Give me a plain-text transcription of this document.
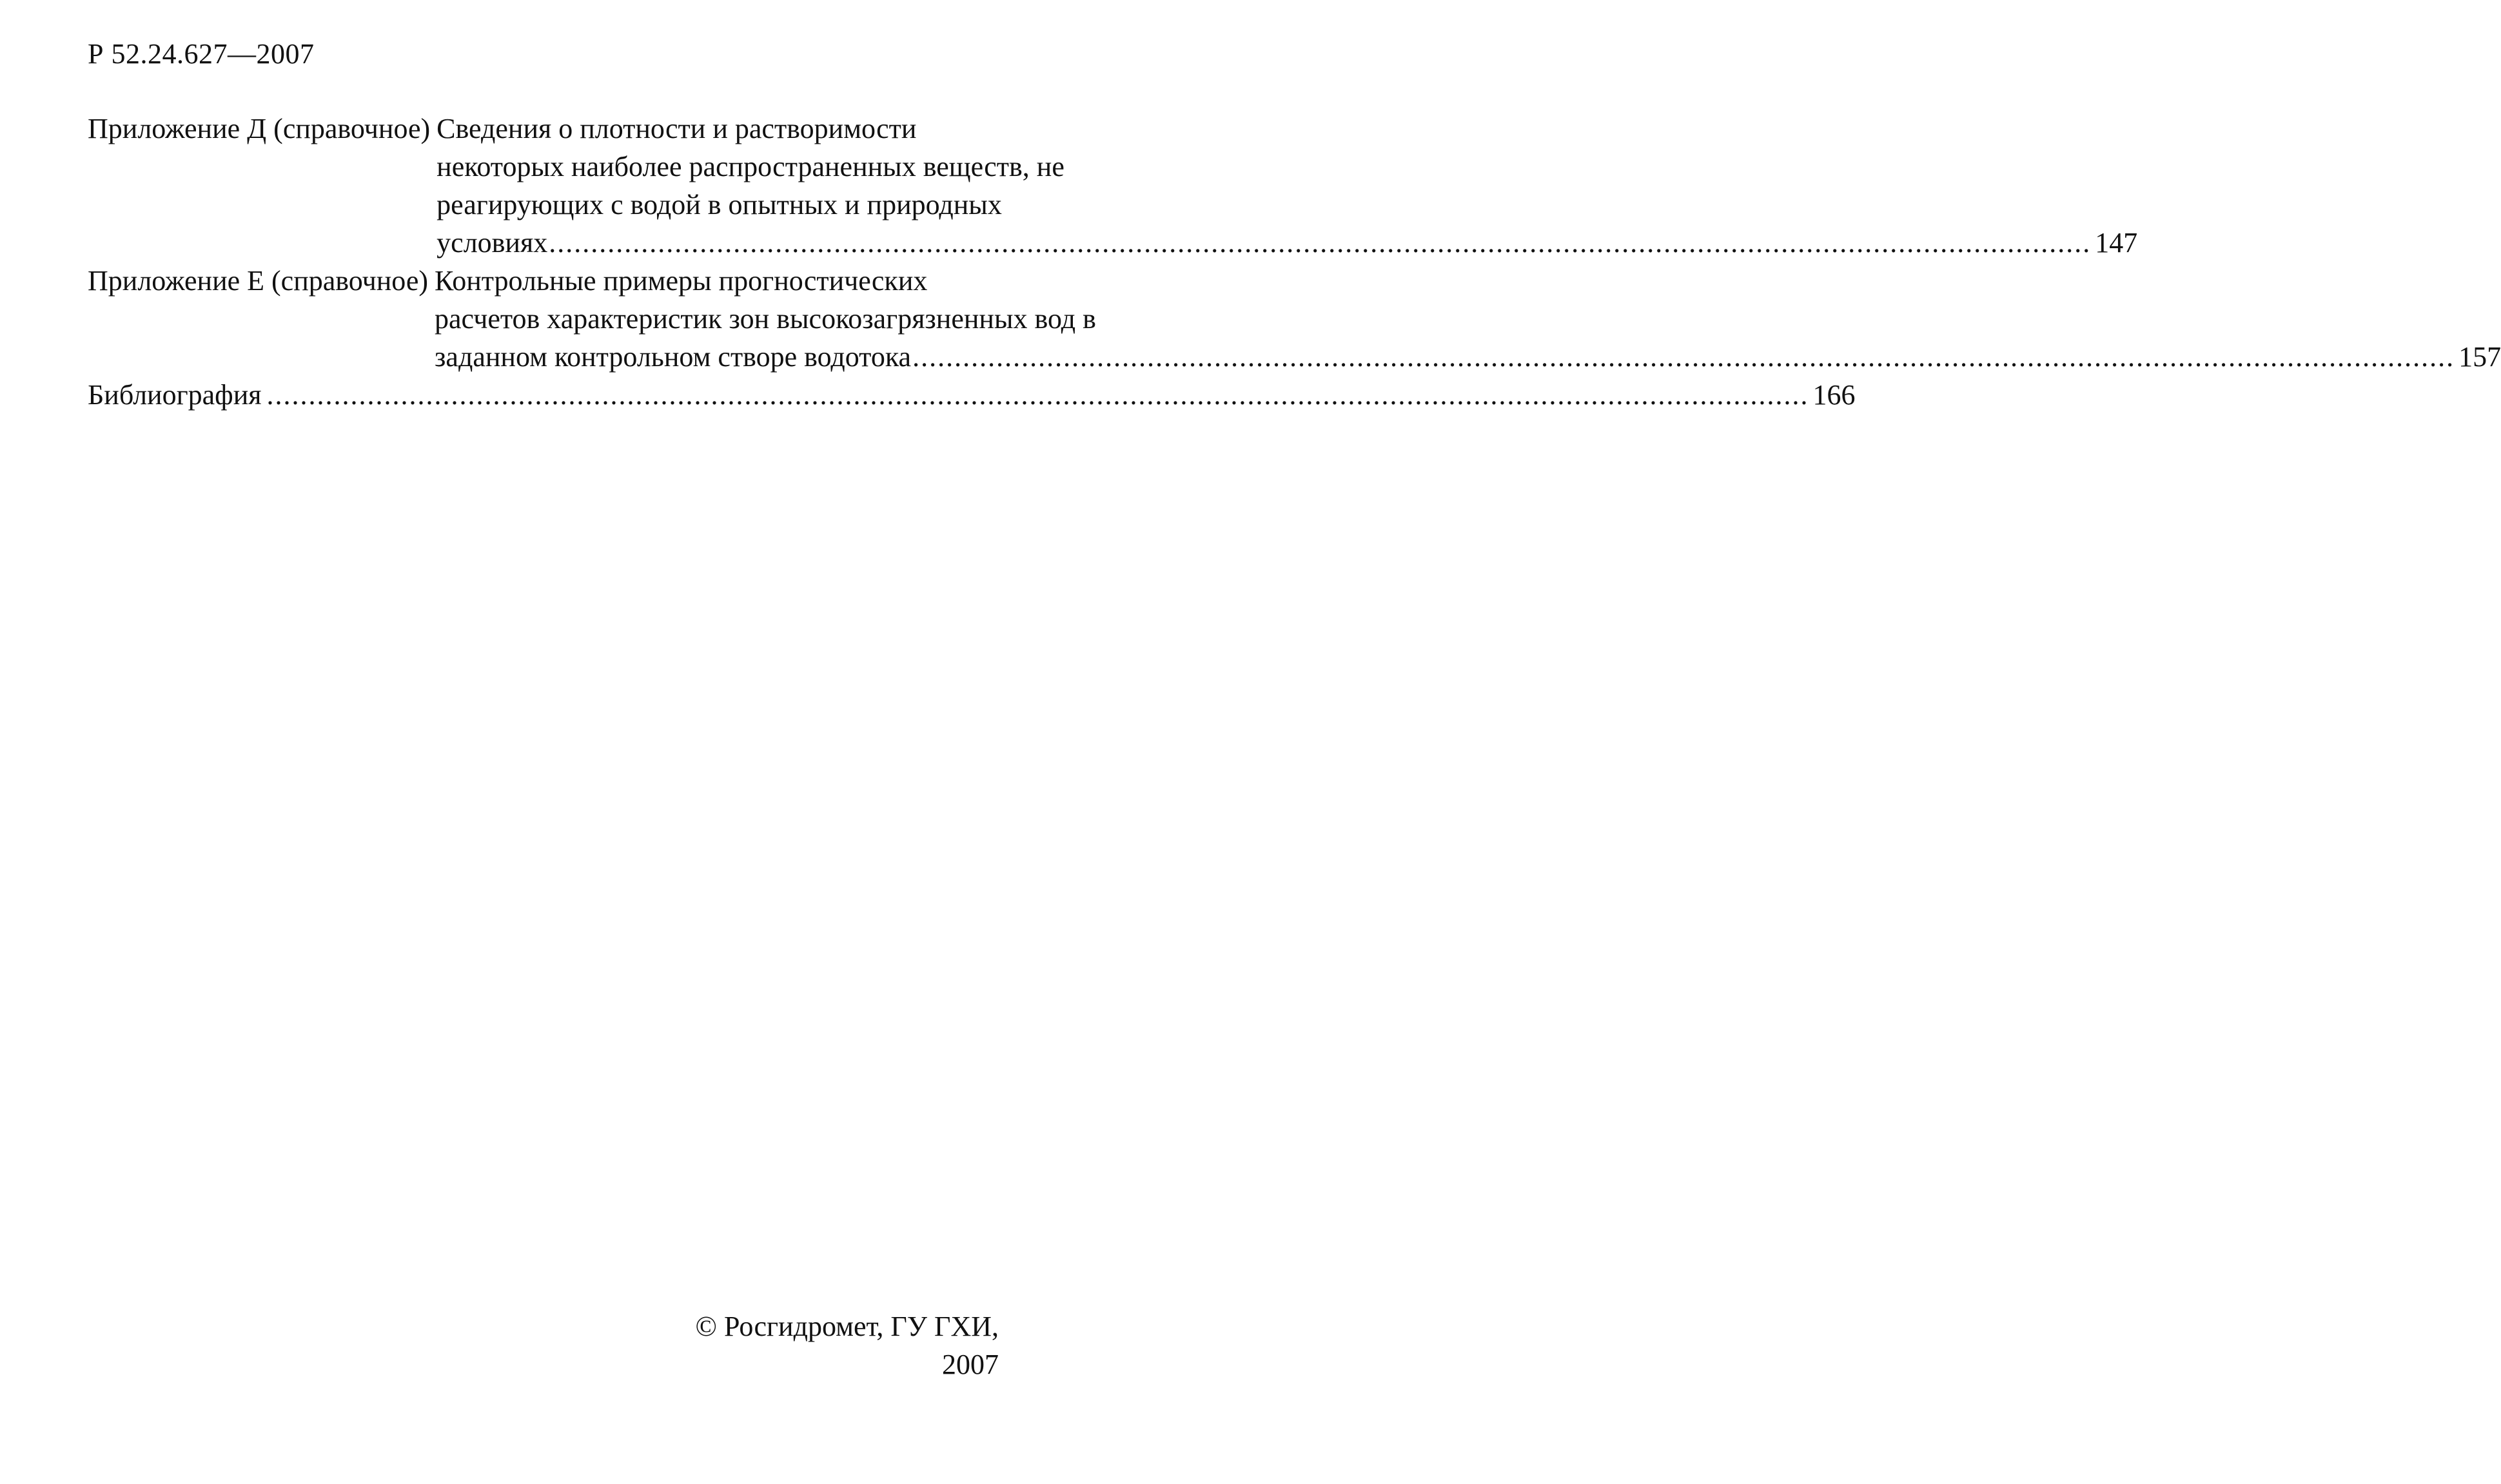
Р 52.24.627—2007
Приложение Д (справочное) Сведения о плотности и растворимости
некоторых наиболее распространенных веществ, не
реагирующих с водой в опытных и природных
условиях .....	147
Приложение Е (справочное) Контрольные примеры прогностических
расчетов характеристик зон высокозагрязненных вод в
заданном контрольном створе водотока .....	157
Библиография .....	166
© Росгидромет, ГУ ГХИ,
2007
